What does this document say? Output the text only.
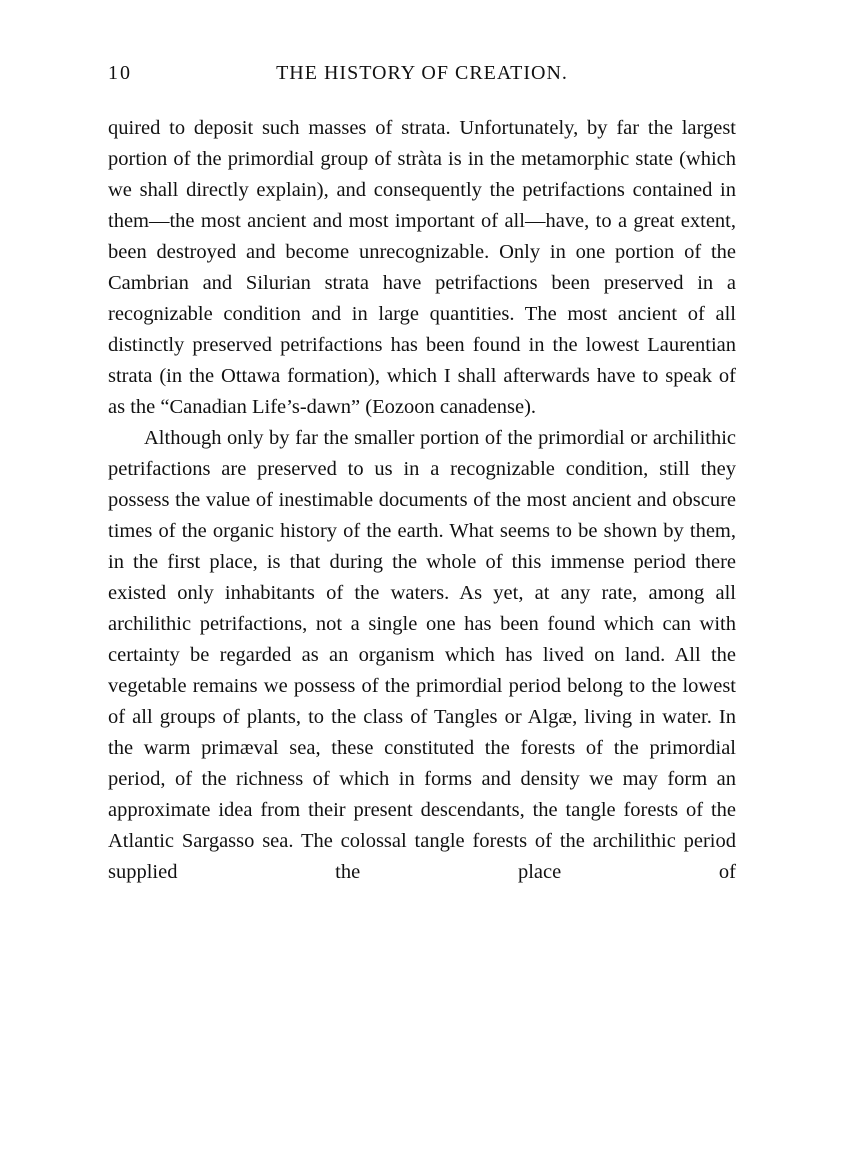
10	THE HISTORY OF CREATION.

quired to deposit such masses of strata. Unfortunately, by far the largest portion of the primordial group of stràta is in the metamorphic state (which we shall directly explain), and consequently the petrifactions contained in them—the most ancient and most important of all—have, to a great extent, been destroyed and become unrecognizable. Only in one portion of the Cambrian and Silurian strata have petrifactions been preserved in a recognizable condition and in large quantities. The most ancient of all distinctly preserved petrifactions has been found in the lowest Laurentian strata (in the Ottawa formation), which I shall afterwards have to speak of as the “Canadian Life’s-dawn” (Eozoon canadense).

Although only by far the smaller portion of the primordial or archilithic petrifactions are preserved to us in a recognizable condition, still they possess the value of inestimable documents of the most ancient and obscure times of the organic history of the earth. What seems to be shown by them, in the first place, is that during the whole of this immense period there existed only inhabitants of the waters. As yet, at any rate, among all archilithic petrifactions, not a single one has been found which can with certainty be regarded as an organism which has lived on land. All the vegetable remains we possess of the primordial period belong to the lowest of all groups of plants, to the class of Tangles or Algæ, living in water. In the warm primæval sea, these constituted the forests of the primordial period, of the richness of which in forms and density we may form an approximate idea from their present descendants, the tangle forests of the Atlantic Sargasso sea. The colossal tangle forests of the archilithic period supplied the place of
